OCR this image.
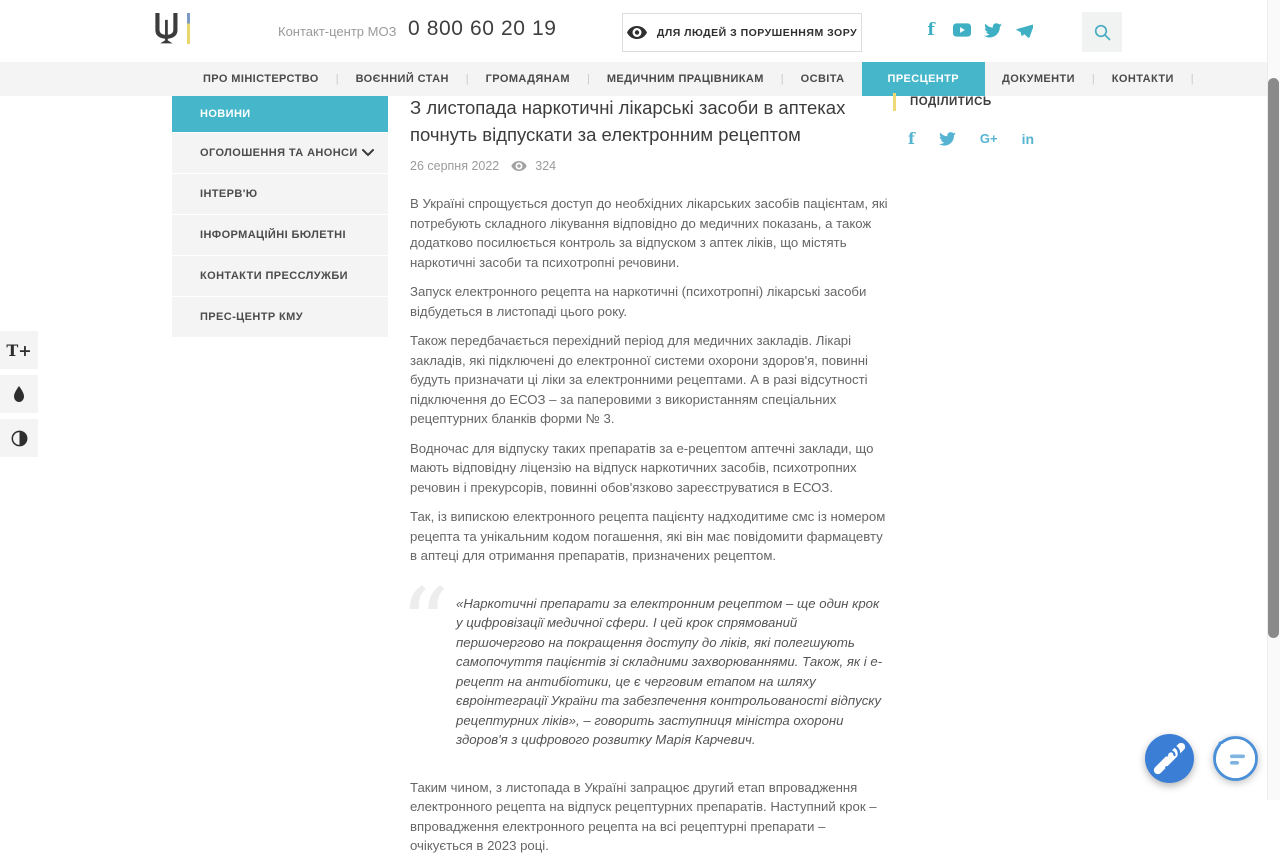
Контакт-центр МОЗ 0 800 60 20 19	ДЛЯ ЛЮДЕЙ З ПОРУШЕННЯМ ЗОРУ	f
ПРО МІНІСТЕРСТВО	|	ВОЄННИЙ СТАН	|	ГРОМАДЯНАМ	|	МЕДИЧНИМ ПРАЦІВНИКАМ	|	ОСВІТА	ПРЕСЦЕНТР	ДОКУМЕНТИ	|	КОНТАКТИ	|
НОВИНИ
ОГОЛОШЕННЯ ТА АНОНСИ
ІНТЕРВ'Ю
ІНФОРМАЦІЙНІ БЮЛЕТНІ
КОНТАКТИ ПРЕССЛУЖБИ
ПРЕС-ЦЕНТР КМУ
З листопада наркотичні лікарські засоби в аптеках почнуть відпускати за електронним рецептом
26 серпня 2022	324

В Україні спрощується доступ до необхідних лікарських засобів пацієнтам, які потребують складного лікування відповідно до медичних показань, а також додатково посилюється контроль за відпуском з аптек ліків, що містять наркотичні засоби та психотропні речовини.

Запуск електронного рецепта на наркотичні (психотропні) лікарські засоби відбудеться в листопаді цього року.

Також передбачається перехідний період для медичних закладів. Лікарі закладів, які підключені до електронної системи охорони здоров'я, повинні будуть призначати ці ліки за електронними рецептами. А в разі відсутності підключення до ЕСОЗ – за паперовими з використанням спеціальних рецептурних бланків форми № 3.

Водночас для відпуску таких препаратів за е-рецептом аптечні заклади, що мають відповідну ліцензію на відпуск наркотичних засобів, психотропних речовин і прекурсорів, повинні обов'язково зареєструватися в ЕСОЗ.

Так, із випискою електронного рецепта пацієнту надходитиме смс із номером рецепта та унікальним кодом погашення, які він має повідомити фармацевту в аптеці для отримання препаратів, призначених рецептом.

“ «Наркотичні препарати за електронним рецептом – ще один крок у цифровізації медичної сфери. І цей крок спрямований першочергово на покращення доступу до ліків, які полегшують самопочуття пацієнтів зі складними захворюваннями. Також, як і е-рецепт на антибіотики, це є черговим етапом на шляху євроінтеграції України та забезпечення контрольованості відпуску рецептурних ліків», – говорить заступниця міністра охорони здоров'я з цифрового розвитку Марія Карчевич.

Таким чином, з листопада в Україні запрацює другий етап впровадження електронного рецепта на відпуск рецептурних препаратів. Наступний крок – впровадження електронного рецепта на всі рецептурні препарати – очікується в 2023 році.

ПОДІЛИТИСЬ
f	G+ in
T+
